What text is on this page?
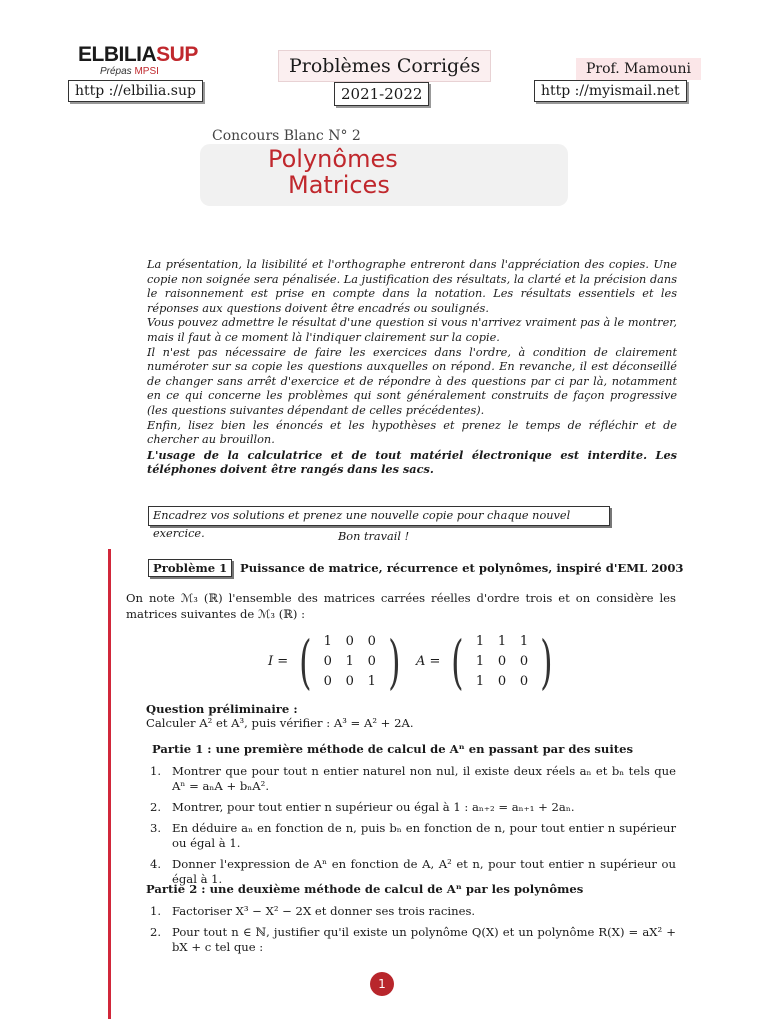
ELBILIASUP
Prépas MPSI	Problèmes Corrigés	Prof. Mamouni
http ://elbilia.sup	2021-2022	http ://myismail.net
Concours Blanc N° 2
Polynômes
Matrices

La présentation, la lisibilité et l'orthographe entreront dans l'appréciation des copies. Une copie non soignée sera pénalisée. La justification des résultats, la clarté et la précision dans le raisonnement est prise en compte dans la notation. Les résultats essentiels et les réponses aux questions doivent être encadrés ou soulignés.

Vous pouvez admettre le résultat d'une question si vous n'arrivez vraiment pas à le montrer, mais il faut à ce moment là l'indiquer clairement sur la copie.

Il n'est pas nécessaire de faire les exercices dans l'ordre, à condition de clairement numéroter sur sa copie les questions auxquelles on répond. En revanche, il est déconseillé de changer sans arrêt d'exercice et de répondre à des questions par ci par là, notamment en ce qui concerne les problèmes qui sont généralement construits de façon progressive (les questions suivantes dépendant de celles précédentes).

Enfin, lisez bien les énoncés et les hypothèses et prenez le temps de réfléchir et de chercher au brouillon.

L'usage de la calculatrice et de tout matériel électronique est interdite. Les téléphones doivent être rangés dans les sacs.

Encadrez vos solutions et prenez une nouvelle copie pour chaque nouvel exercice.	Bon travail !
Problème 1	Puissance de matrice, récurrence et polynômes, inspiré d'EML 2003
On note ℳ₃ (ℝ) l'ensemble des matrices carrées réelles d'ordre trois et on considère les matrices suivantes de ℳ₃ (ℝ) :
I = ( 1	0	0
0	1	0
0	0	1 ) A = ( 1	1	1
1	0	0
1	0	0 )
Question préliminaire :
Calculer A² et A³, puis vérifier : A³ = A² + 2A.
Partie 1 : une première méthode de calcul de Aⁿ en passant par des suites
1. Montrer que pour tout n entier naturel non nul, il existe deux réels aₙ et bₙ tels que Aⁿ = aₙA + bₙA².
2. Montrer, pour tout entier n supérieur ou égal à 1 : aₙ₊₂ = aₙ₊₁ + 2aₙ.
3. En déduire aₙ en fonction de n, puis bₙ en fonction de n, pour tout entier n supérieur ou égal à 1.
4. Donner l'expression de Aⁿ en fonction de A, A² et n, pour tout entier n supérieur ou égal à 1.
Partie 2 : une deuxième méthode de calcul de Aⁿ par les polynômes
1. Factoriser X³ − X² − 2X et donner ses trois racines.
2. Pour tout n ∈ ℕ, justifier qu'il existe un polynôme Q(X) et un polynôme R(X) = aX² + bX + c tel que :
1
